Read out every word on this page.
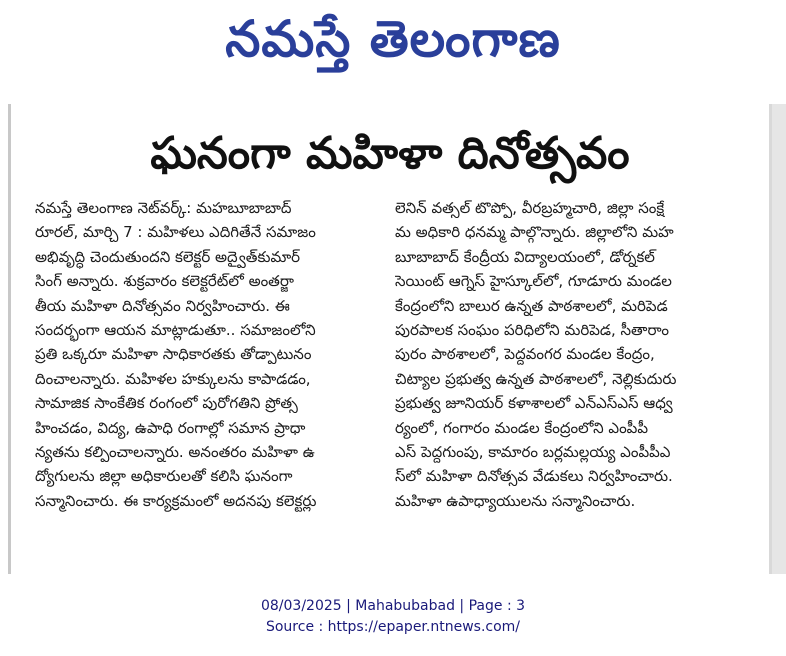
నమస్తే తెలంగాణ
ఘనంగా మహిళా దినోత్సవం
నమస్తే తెలంగాణ నెట్‌వర్క్: మహబూబాబాద్
రూరల్, మార్చి 7 : మహిళలు ఎదిగితేనే సమాజం
అభివృద్ధి చెందుతుందని కలెక్టర్ అద్వైత్‌కుమార్
సింగ్ అన్నారు. శుక్రవారం కలెక్టరేట్‌లో అంతర్జా
తీయ మహిళా దినోత్సవం నిర్వహించారు. ఈ
సందర్భంగా ఆయన మాట్లాడుతూ.. సమాజంలోని
ప్రతి ఒక్కరూ మహిళా సాధికారతకు తోడ్పాటునం
దించాలన్నారు. మహిళల హక్కులను కాపాడడం,
సామాజిక సాంకేతిక రంగంలో పురోగతిని ప్రోత్స
హించడం, విద్య, ఉపాధి రంగాల్లో సమాన ప్రాధా
న్యతను కల్పించాలన్నారు. అనంతరం మహిళా ఉ
ద్యోగులను జిల్లా అధికారులతో కలిసి ఘనంగా
సన్మానించారు. ఈ కార్యక్రమంలో అదనపు కలెక్టర్లు
లెనిన్ వత్సల్ టొప్పో, వీరబ్రహ్మచారి, జిల్లా సంక్షే
మ అధికారి ధనమ్మ పాల్గొన్నారు. జిల్లాలోని మహ
బూబాబాద్ కేంద్రీయ విద్యాలయంలో, డోర్నకల్
సెయింట్ ఆగ్నెస్ హైస్కూల్‌లో, గూడూరు మండల
కేంద్రంలోని బాలుర ఉన్నత పాఠశాలలో, మరిపెడ
పురపాలక సంఘం పరిధిలోని మరిపెడ, సీతారాం
పురం పాఠశాలలో, పెద్దవంగర మండల కేంద్రం,
చిట్యాల ప్రభుత్వ ఉన్నత పాఠశాలలో, నెల్లికుదురు
ప్రభుత్వ జూనియర్ కళాశాలలో ఎన్ఎస్ఎస్ ఆధ్వ
ర్యంలో, గంగారం మండల కేంద్రంలోని ఎంపీపీ
ఎస్ పెద్దగుంపు, కామారం బర్లమల్లయ్య ఎంపీపీఎ
స్‌లో మహిళా దినోత్సవ వేడుకలు నిర్వహించారు.
మహిళా ఉపాధ్యాయులను సన్మానించారు.
08/03/2025 | Mahabubabad | Page : 3
Source : https://epaper.ntnews.com/
